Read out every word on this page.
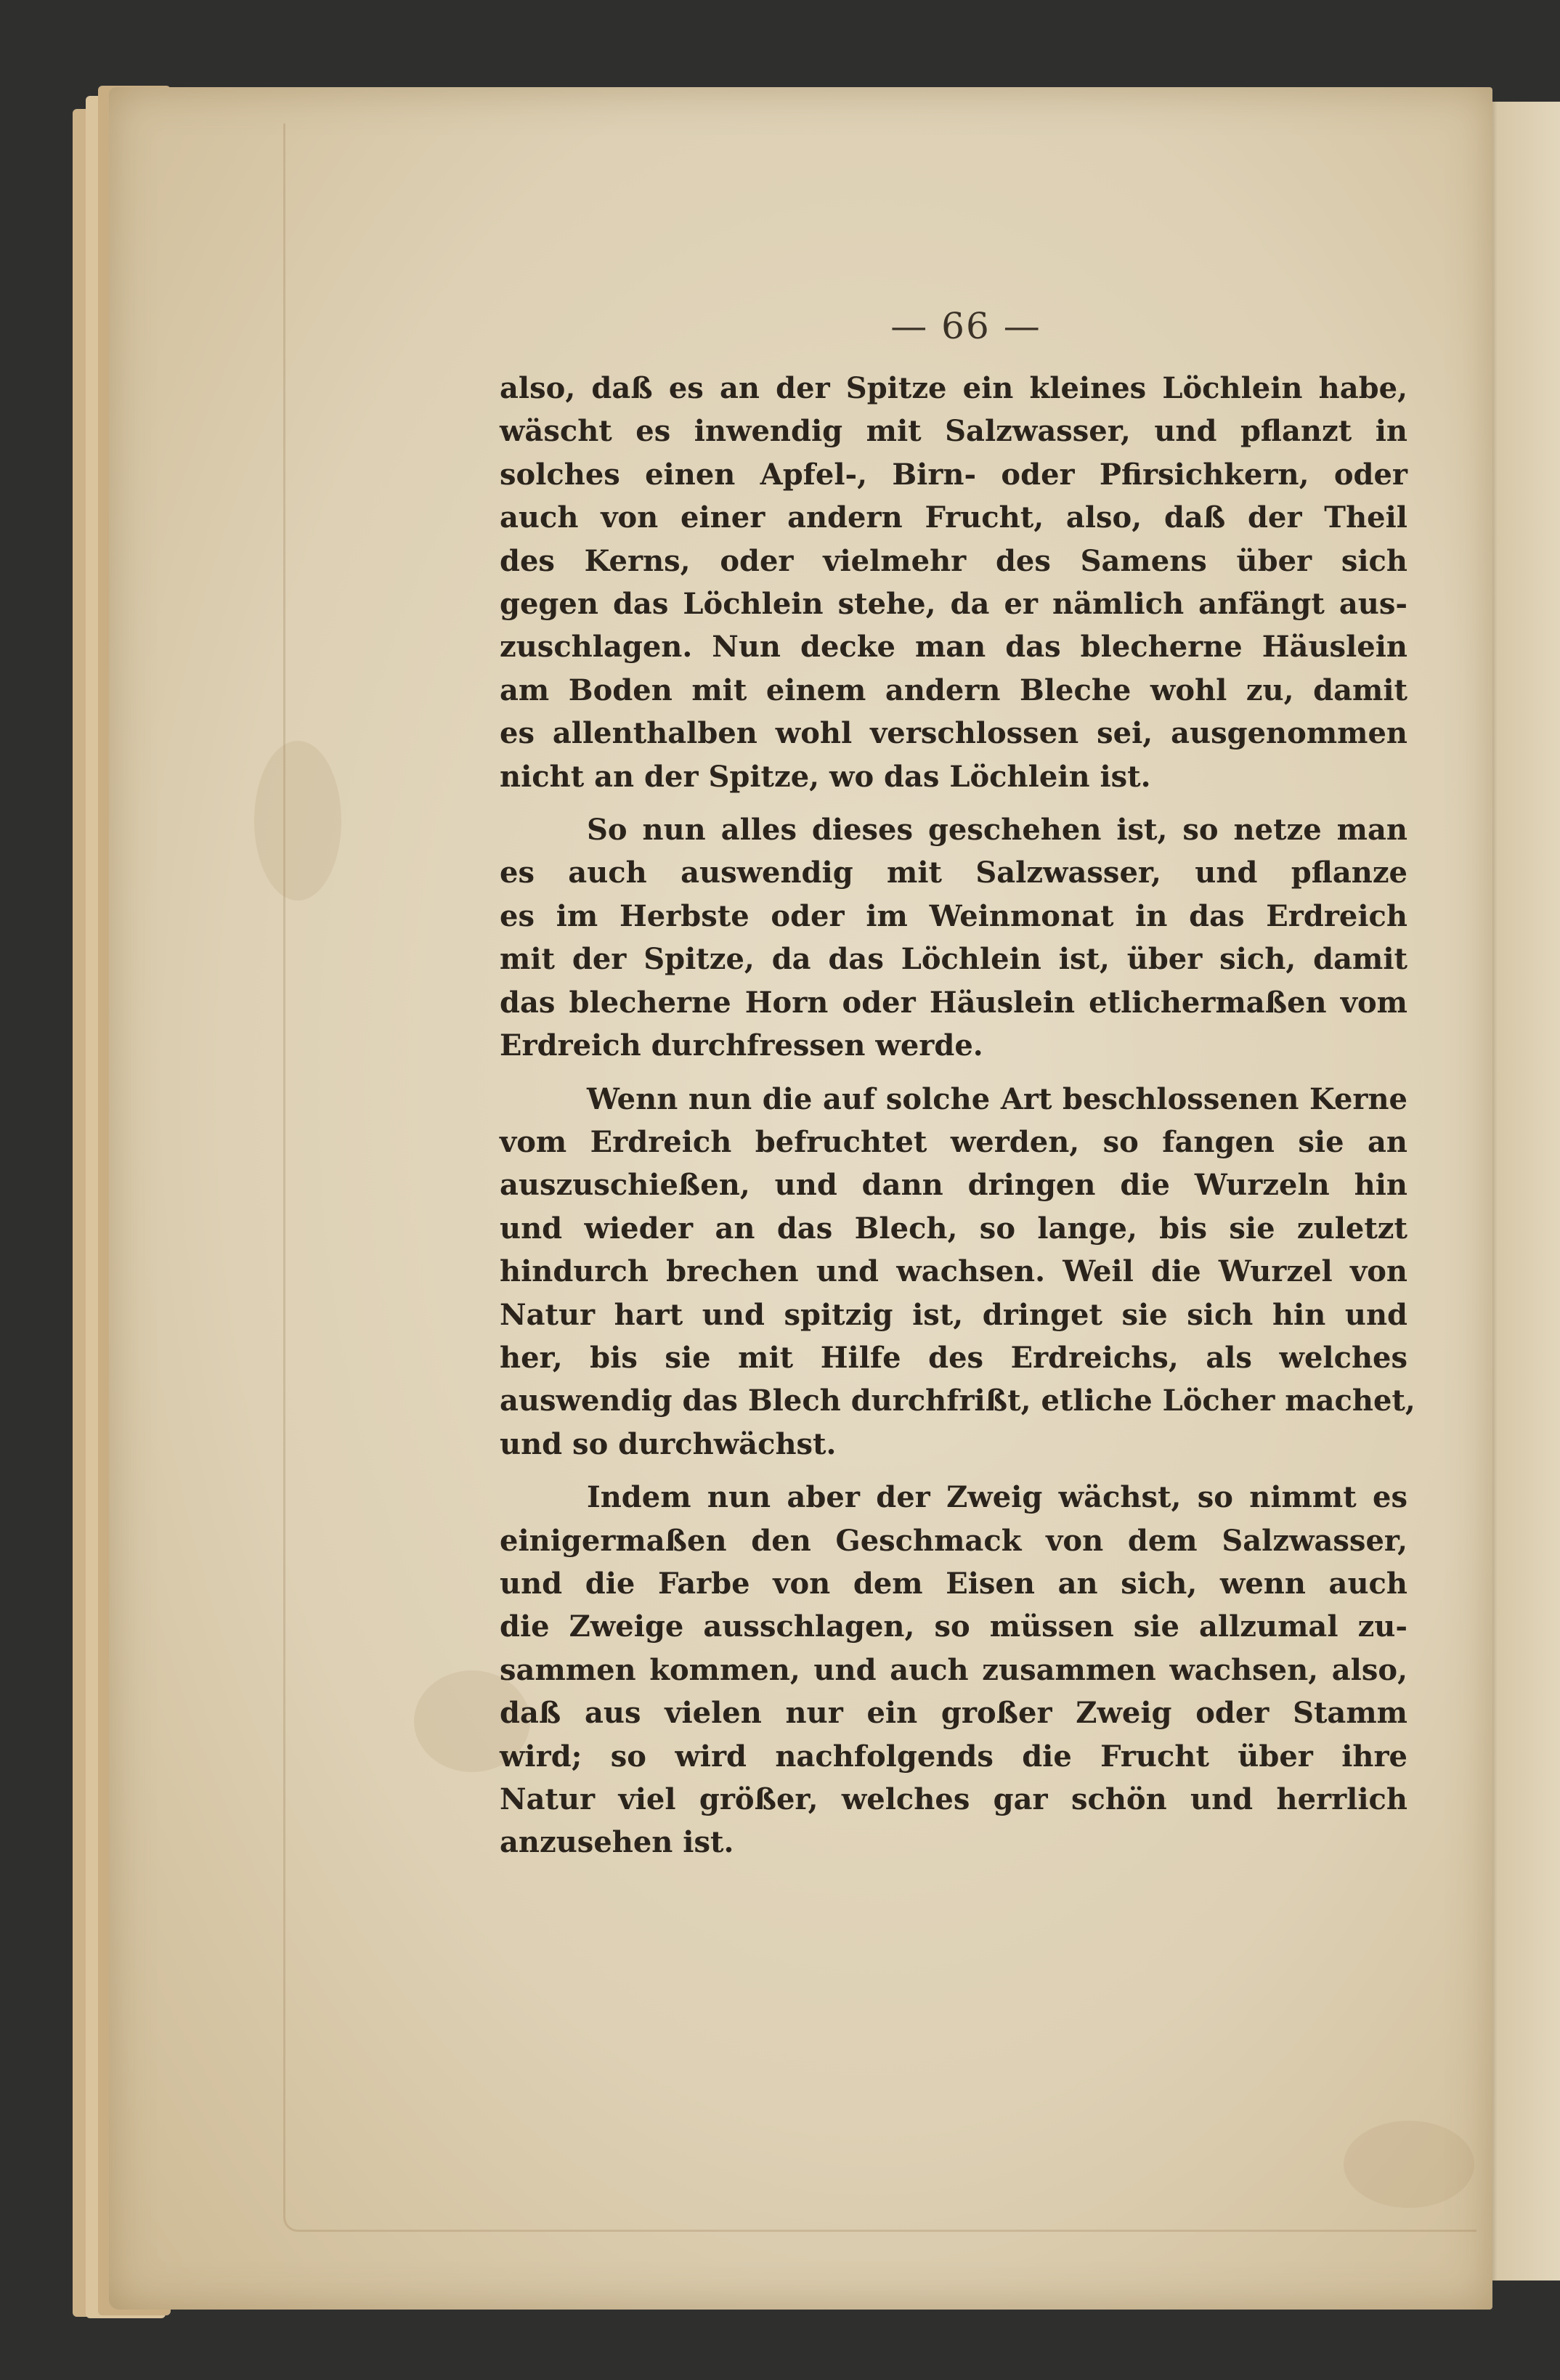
— 66 —
also, daß es an der Spitze ein kleines Löchlein habe,
wäscht es inwendig mit Salzwasser, und pflanzt in
solches einen Apfel-, Birn- oder Pfirsichkern, oder
auch von einer andern Frucht, also, daß der Theil
des Kerns, oder vielmehr des Samens über sich
gegen das Löchlein stehe, da er nämlich anfängt aus-
zuschlagen. Nun decke man das blecherne Häuslein
am Boden mit einem andern Bleche wohl zu, damit
es allenthalben wohl verschlossen sei, ausgenommen
nicht an der Spitze, wo das Löchlein ist.
So nun alles dieses geschehen ist, so netze man
es auch auswendig mit Salzwasser, und pflanze
es im Herbste oder im Weinmonat in das Erdreich
mit der Spitze, da das Löchlein ist, über sich, damit
das blecherne Horn oder Häuslein etlichermaßen vom
Erdreich durchfressen werde.
Wenn nun die auf solche Art beschlossenen Kerne
vom Erdreich befruchtet werden, so fangen sie an
auszuschießen, und dann dringen die Wurzeln hin
und wieder an das Blech, so lange, bis sie zuletzt
hindurch brechen und wachsen. Weil die Wurzel von
Natur hart und spitzig ist, dringet sie sich hin und
her, bis sie mit Hilfe des Erdreichs, als welches
auswendig das Blech durchfrißt, etliche Löcher machet,
und so durchwächst.
Indem nun aber der Zweig wächst, so nimmt es
einigermaßen den Geschmack von dem Salzwasser,
und die Farbe von dem Eisen an sich, wenn auch
die Zweige ausschlagen, so müssen sie allzumal zu-
sammen kommen, und auch zusammen wachsen, also,
daß aus vielen nur ein großer Zweig oder Stamm
wird; so wird nachfolgends die Frucht über ihre
Natur viel größer, welches gar schön und herrlich
anzusehen ist.
